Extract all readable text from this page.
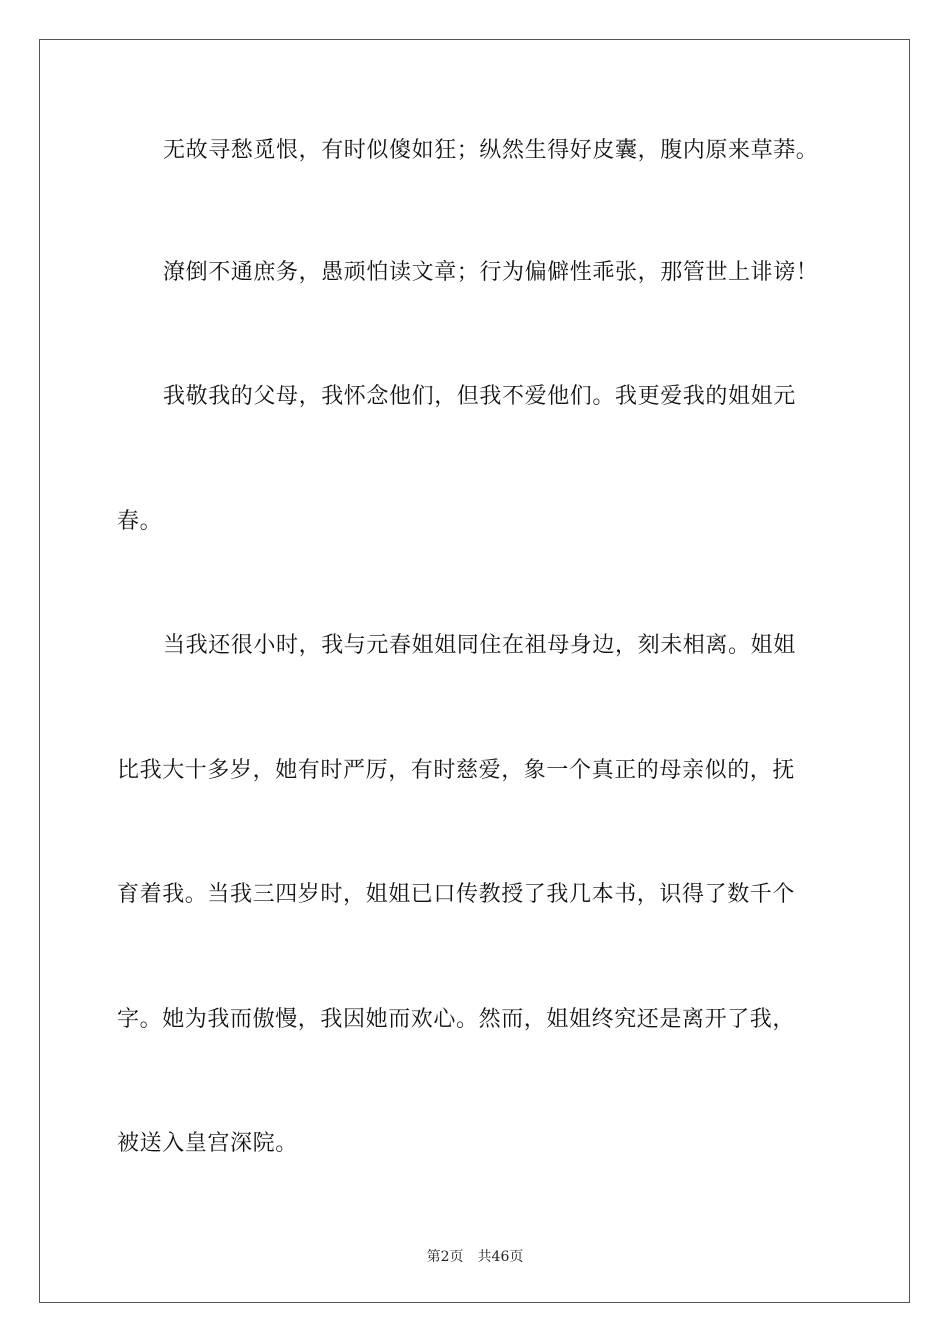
无故寻愁觅恨，有时似傻如狂；纵然生得好皮囊，腹内原来草莽。
潦倒不通庶务，愚顽怕读文章；行为偏僻性乖张，那管世上诽谤！
我敬我的父母，我怀念他们，但我不爱他们。我更爱我的姐姐元
春。
当我还很小时，我与元春姐姐同住在祖母身边，刻未相离。姐姐
比我大十多岁，她有时严厉，有时慈爱，象一个真正的母亲似的，抚
育着我。当我三四岁时，姐姐已口传教授了我几本书，识得了数千个
字。她为我而傲慢，我因她而欢心。然而，姐姐终究还是离开了我，
被送入皇宫深院。
第2页 共46页
